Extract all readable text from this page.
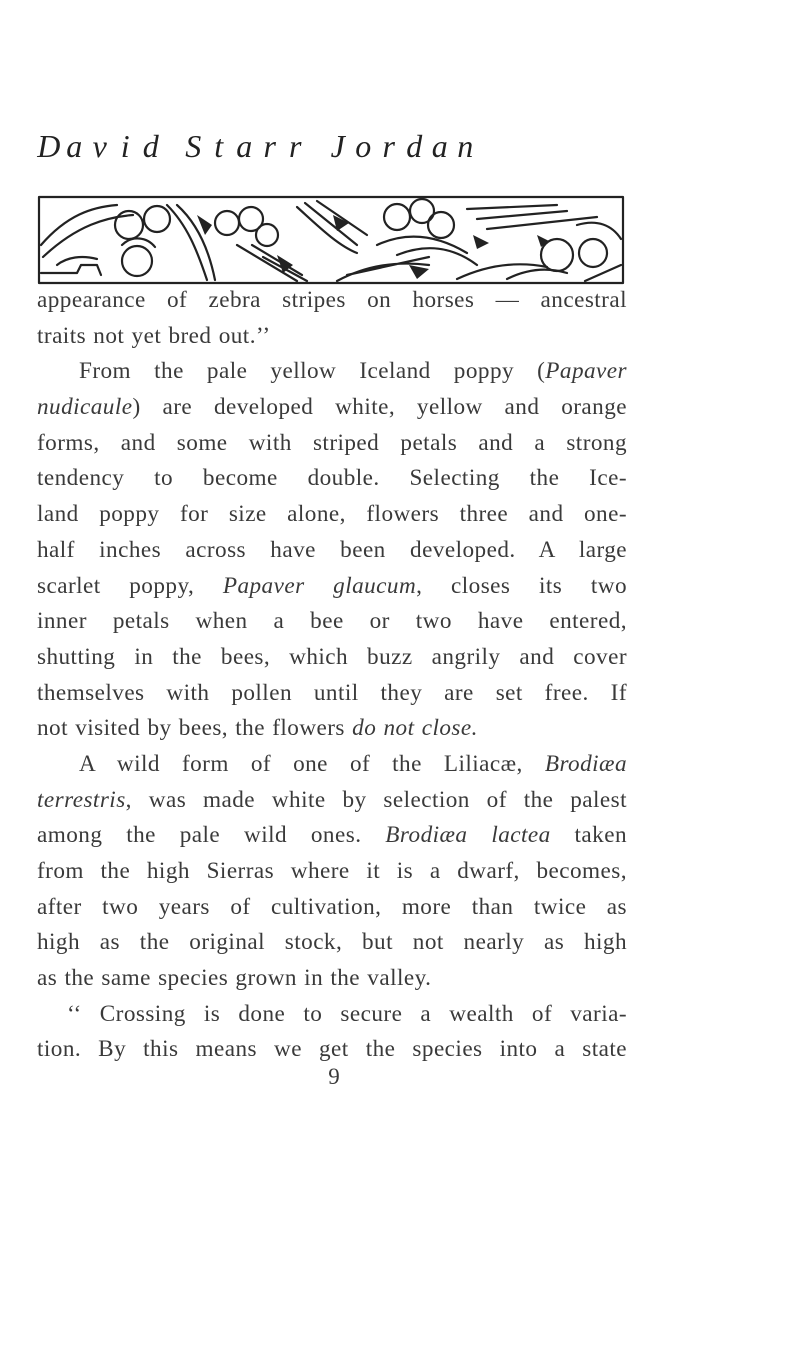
D a v i d S t a r r J o r d a n
appearance of zebra stripes on horses — ancestral
traits not yet bred out.’’
From the pale yellow Iceland poppy (Papaver
nudicaule) are developed white, yellow and orange
forms, and some with striped petals and a strong
tendency to become double. Selecting the Ice-
land poppy for size alone, flowers three and one-
half inches across have been developed. A large
scarlet poppy, Papaver glaucum, closes its two
inner petals when a bee or two have entered,
shutting in the bees, which buzz angrily and cover
themselves with pollen until they are set free. If
not visited by bees, the flowers do not close.
A wild form of one of the Liliacæ, Brodiæa
terrestris, was made white by selection of the palest
among the pale wild ones. Brodiæa lactea taken
from the high Sierras where it is a dwarf, becomes,
after two years of cultivation, more than twice as
high as the original stock, but not nearly as high
as the same species grown in the valley.
‘‘ Crossing is done to secure a wealth of varia-
tion. By this means we get the species into a state
9
